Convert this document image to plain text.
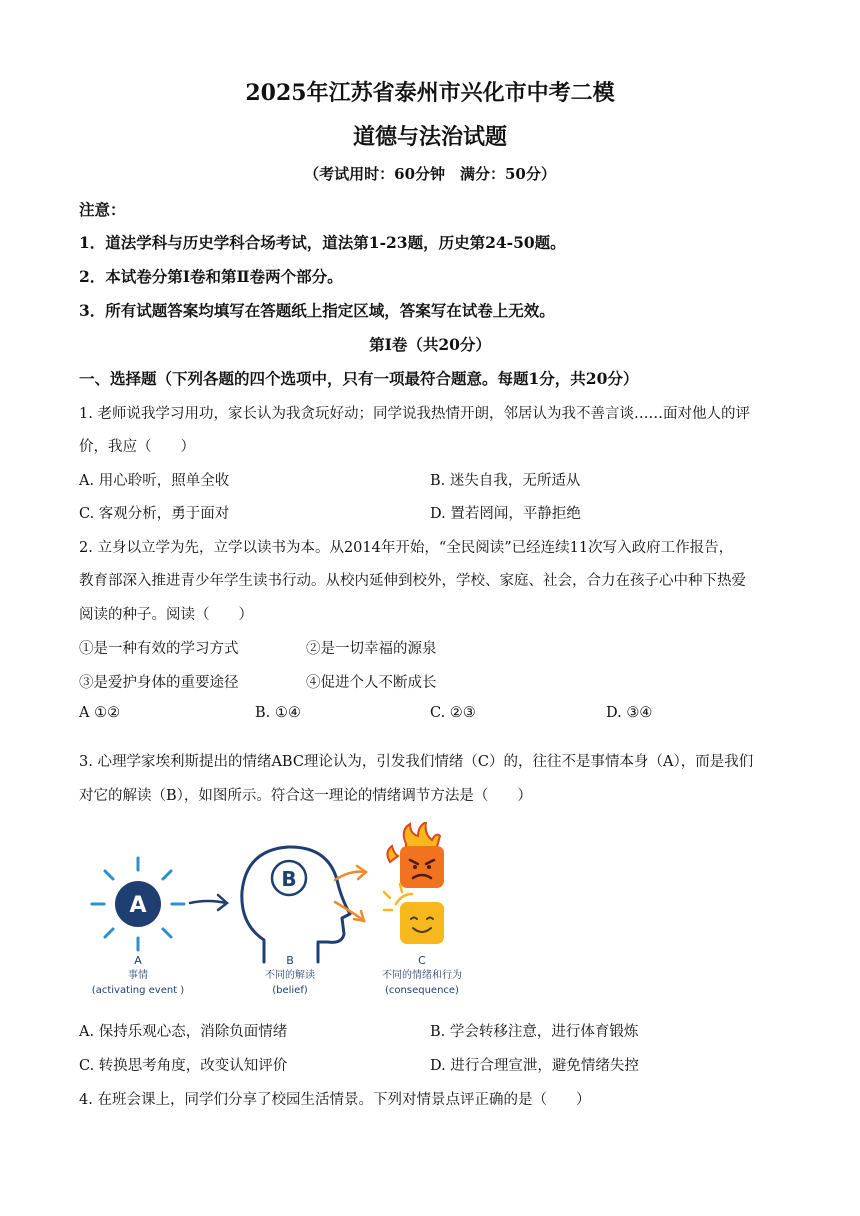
2025年江苏省泰州市兴化市中考二模
道德与法治试题
（考试用时：60分钟　满分：50分）
注意：
1．道法学科与历史学科合场考试，道法第1-23题，历史第24-50题。
2．本试卷分第Ⅰ卷和第Ⅱ卷两个部分。
3．所有试题答案均填写在答题纸上指定区域，答案写在试卷上无效。
第Ⅰ卷（共20分）
一、选择题（下列各题的四个选项中，只有一项最符合题意。每题1分，共20分）
1. 老师说我学习用功，家长认为我贪玩好动；同学说我热情开朗，邻居认为我不善言谈……面对他人的评
价，我应（　　）
A. 用心聆听，照单全收	B. 迷失自我，无所适从
C. 客观分析，勇于面对	D. 置若罔闻，平静拒绝
2. 立身以立学为先，立学以读书为本。从2014年开始，“全民阅读”已经连续11次写入政府工作报告，
教育部深入推进青少年学生读书行动。从校内延伸到校外，学校、家庭、社会，合力在孩子心中种下热爱
阅读的种子。阅读（　　）
①是一种有效的学习方式	②是一切幸福的源泉
③是爱护身体的重要途径	④促进个人不断成长
A ①②	B. ①④	C. ②③	D. ③④
3. 心理学家埃利斯提出的情绪ABC理论认为，引发我们情绪（C）的，往往不是事情本身（A），而是我们
对它的解读（B），如图所示。符合这一理论的情绪调节方法是（　　）
A
B
A
事情
(activating event )
B
不同的解读
(belief)
C
不同的情绪和行为
(consequence)
A. 保持乐观心态，消除负面情绪	B. 学会转移注意，进行体育锻炼
C. 转换思考角度，改变认知评价	D. 进行合理宣泄，避免情绪失控
4. 在班会课上，同学们分享了校园生活情景。下列对情景点评正确的是（　　）
